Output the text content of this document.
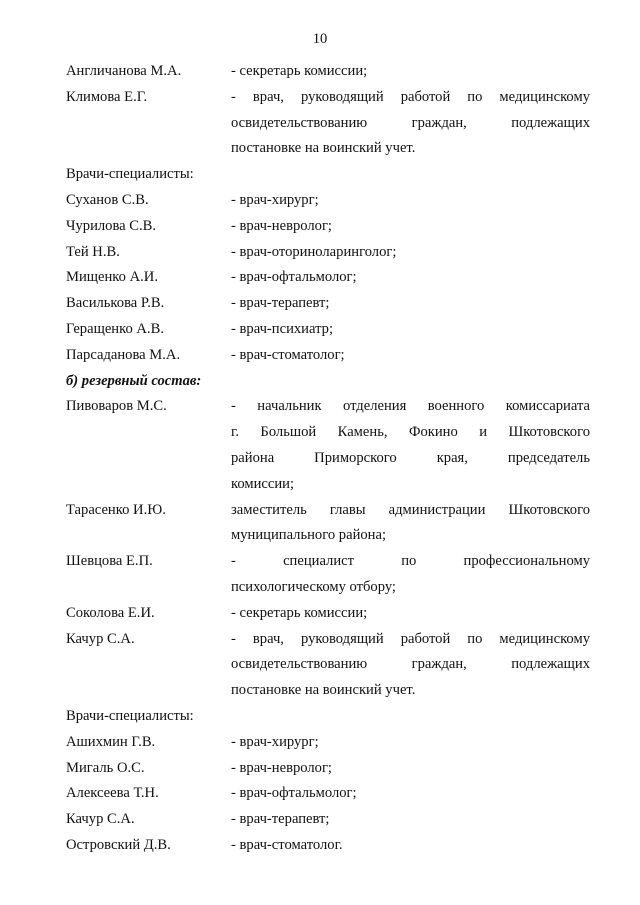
10
Англичанова М.А.	- секретарь комиссии;
Климова Е.Г.	- врач, руководящий работой по медицинскому
освидетельствованию граждан, подлежащих
постановке на воинский учет.
Врачи-специалисты:
Суханов С.В.	- врач-хирург;
Чурилова С.В.	- врач-невролог;
Тей Н.В.	- врач-оториноларинголог;
Мищенко А.И.	- врач-офтальмолог;
Василькова Р.В.	- врач-терапевт;
Геращенко А.В.	- врач-психиатр;
Парсаданова М.А.	- врач-стоматолог;
б) резервный состав:
Пивоваров М.С.	- начальник отделения военного комиссариата
г. Большой Камень, Фокино и Шкотовского
района Приморского края, председатель
комиссии;
Тарасенко И.Ю.	заместитель главы администрации Шкотовского
муниципального района;
Шевцова Е.П.	- специалист по профессиональному
психологическому отбору;
Соколова Е.И.	- секретарь комиссии;
Качур С.А.	- врач, руководящий работой по медицинскому
освидетельствованию граждан, подлежащих
постановке на воинский учет.
Врачи-специалисты:
Ашихмин Г.В.	- врач-хирург;
Мигаль О.С.	- врач-невролог;
Алексеева Т.Н.	- врач-офтальмолог;
Качур С.А.	- врач-терапевт;
Островский Д.В.	- врач-стоматолог.
